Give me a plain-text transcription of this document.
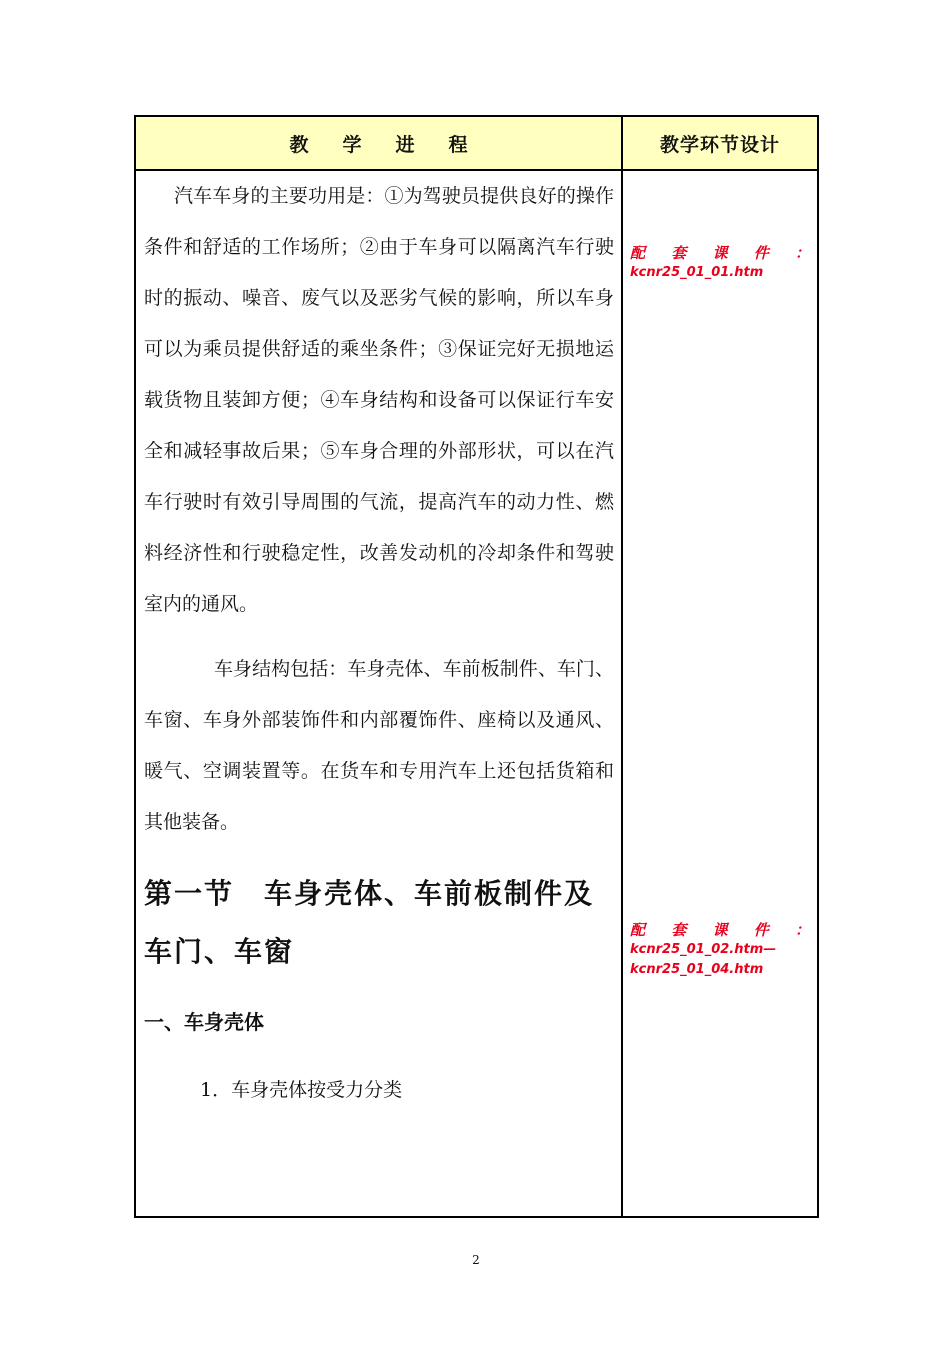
教学进程	教学环节设计

汽车车身的主要功用是：①为驾驶员提供良好的操作条件和舒适的工作场所；②由于车身可以隔离汽车行驶时的振动、噪音、废气以及恶劣气候的影响，所以车身可以为乘员提供舒适的乘坐条件；③保证完好无损地运载货物且装卸方便；④车身结构和设备可以保证行车安全和减轻事故后果；⑤车身合理的外部形状，可以在汽车行驶时有效引导周围的气流，提高汽车的动力性、燃料经济性和行驶稳定性，改善发动机的冷却条件和驾驶室内的通风。

车身结构包括：车身壳体、车前板制件、车门、车窗、车身外部装饰件和内部覆饰件、座椅以及通风、暖气、空调装置等。在货车和专用汽车上还包括货箱和其他装备。

第一节　车身壳体、车前板制件及车门、车窗
一、车身壳体

1．车身壳体按受力分类

配 套 课 件 ：
kcnr25_01_01.htm
配 套 课 件 ：
kcnr25_01_02.htm—
kcnr25_01_04.htm
2
